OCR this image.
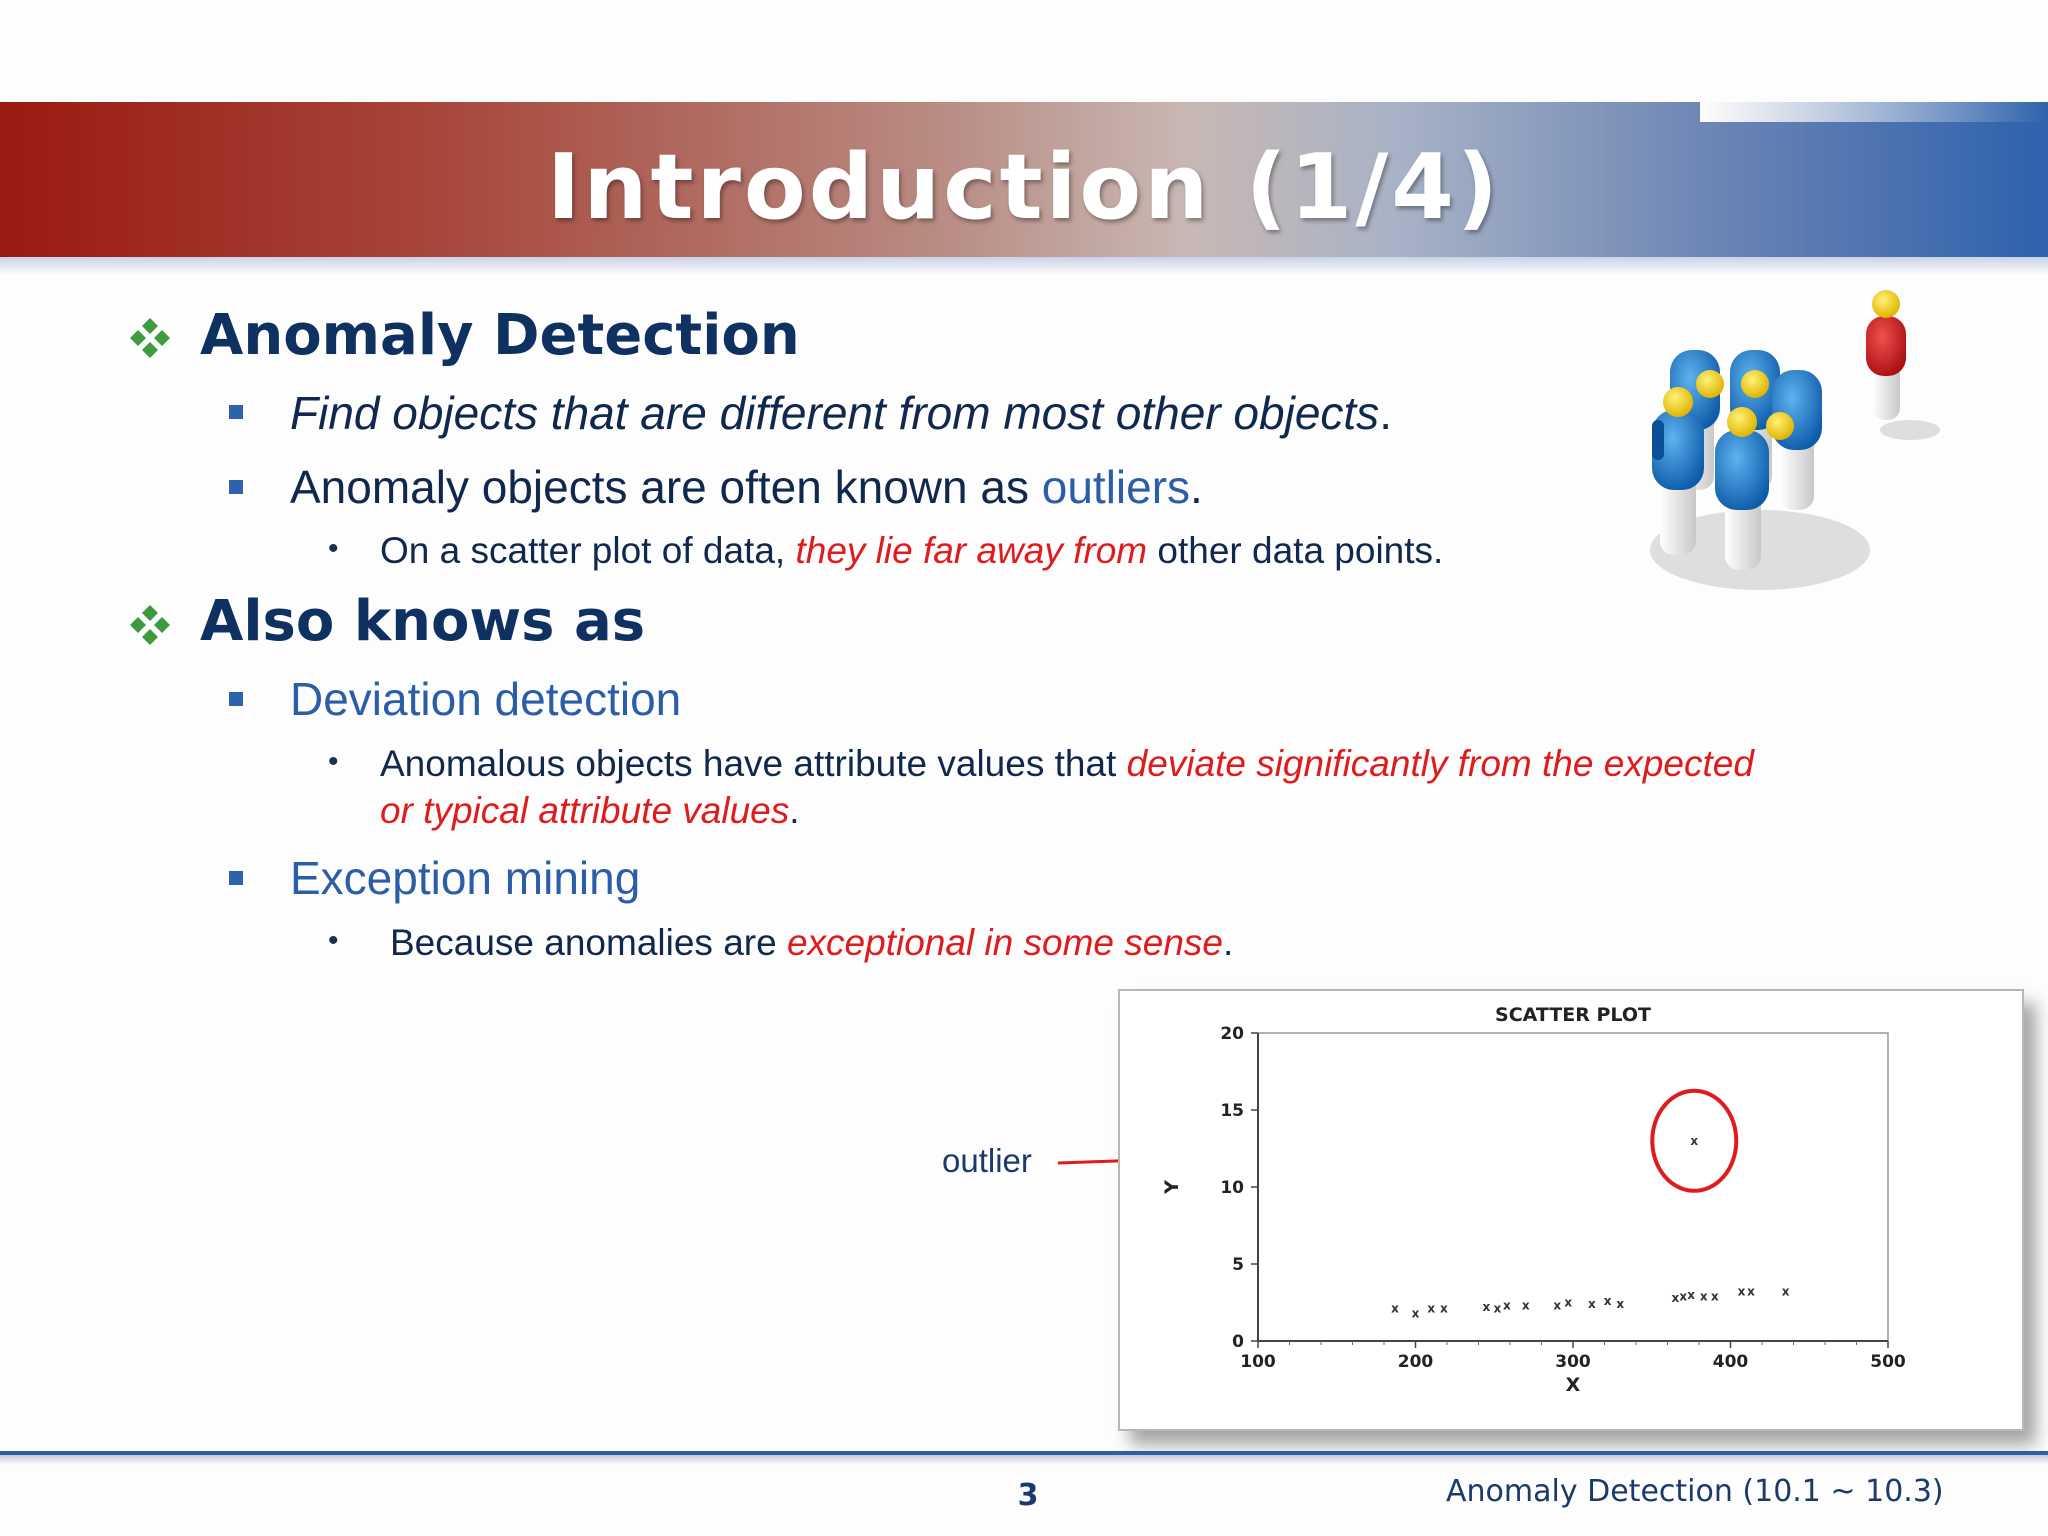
Introduction (1/4)
Anomaly Detection
Find objects that are different from most other objects.
Anomaly objects are often known as outliers.
• On a scatter plot of data, they lie far away from other data points.
Also knows as
Deviation detection
• Anomalous objects have attribute values that deviate significantly from the expected
or typical attribute values.
Exception mining
• Because anomalies are exceptional in some sense.
outlier
100	200	300	400	500
0
5
10
15
20
SCATTER PLOT
X
Y
x x x x	x x x x x x x x x	x x x x x x x x
x
3	Anomaly Detection (10.1 ~ 10.3)
